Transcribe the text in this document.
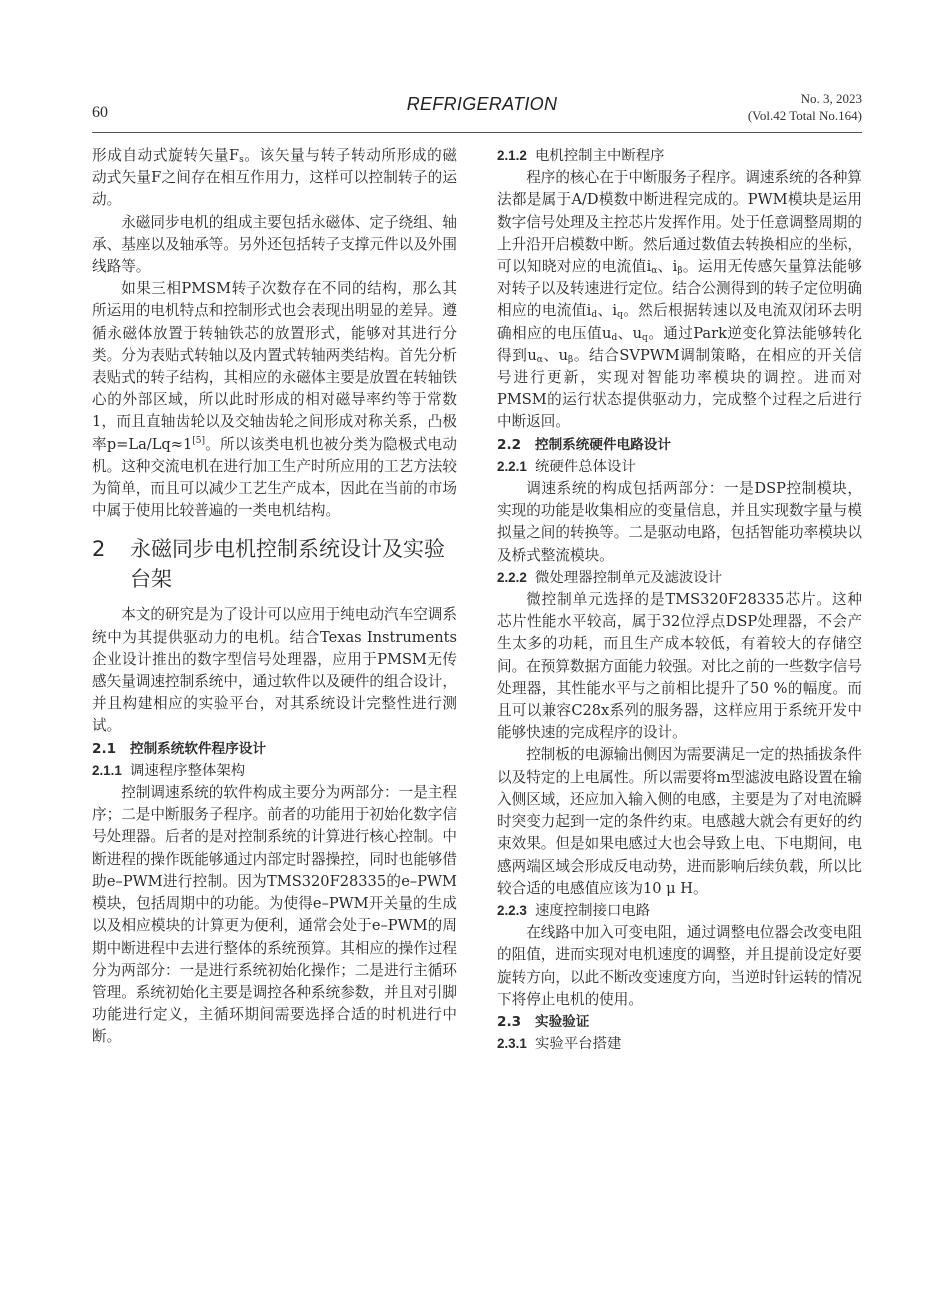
60	REFRIGERATION	No. 3, 2023
(Vol.42 Total No.164)

形成自动式旋转矢量$F_s$。该矢量与转子转动所形成的磁动式矢量F之间存在相互作用力，这样可以控制转子的运动。

永磁同步电机的组成主要包括永磁体、定子绕组、轴承、基座以及轴承等。另外还包括转子支撑元件以及外围线路等。

如果三相PMSM转子次数存在不同的结构，那么其所运用的电机特点和控制形式也会表现出明显的差异。遵循永磁体放置于转轴铁芯的放置形式，能够对其进行分类。分为表贴式转轴以及内置式转轴两类结构。首先分析表贴式的转子结构，其相应的永磁体主要是放置在转轴铁心的外部区域，所以此时形成的相对磁导率约等于常数1，而且直轴齿轮以及交轴齿轮之间形成对称关系，凸极率p=La/Lq≈1[5]。所以该类电机也被分类为隐极式电动机。这种交流电机在进行加工生产时所应用的工艺方法较为简单，而且可以减少工艺生产成本，因此在当前的市场中属于使用比较普遍的一类电机结构。

2	永磁同步电机控制系统设计及实验台架

本文的研究是为了设计可以应用于纯电动汽车空调系统中为其提供驱动力的电机。结合Texas Instruments企业设计推出的数字型信号处理器，应用于PMSM无传感矢量调速控制系统中，通过软件以及硬件的组合设计，并且构建相应的实验平台，对其系统设计完整性进行测试。

2.1 控制系统软件程序设计
2.1.1 调速程序整体架构

控制调速系统的软件构成主要分为两部分：一是主程序；二是中断服务子程序。前者的功能用于初始化数字信号处理器。后者的是对控制系统的计算进行核心控制。中断进程的操作既能够通过内部定时器操控，同时也能够借助e–PWM进行控制。因为TMS320F28335的e–PWM模块，包括周期中的功能。为使得e–PWM开关量的生成以及相应模块的计算更为便利，通常会处于e–PWM的周期中断进程中去进行整体的系统预算。其相应的操作过程分为两部分：一是进行系统初始化操作；二是进行主循环管理。系统初始化主要是调控各种系统参数，并且对引脚功能进行定义，主循环期间需要选择合适的时机进行中断。

2.1.2 电机控制主中断程序

程序的核心在于中断服务子程序。调速系统的各种算法都是属于A/D模数中断进程完成的。PWM模块是运用数字信号处理及主控芯片发挥作用。处于任意调整周期的上升沿开启模数中断。然后通过数值去转换相应的坐标，可以知晓对应的电流值$i_\alpha$、$i_\beta$。运用无传感矢量算法能够对转子以及转速进行定位。结合公测得到的转子定位明确相应的电流值$i_d$、$i_q$。然后根据转速以及电流双闭环去明确相应的电压值$u_d$、$u_q$。通过Park逆变化算法能够转化得到$u_\alpha$、$u_\beta$。结合SVPWM调制策略，在相应的开关信号进行更新，实现对智能功率模块的调控。进而对PMSM的运行状态提供驱动力，完成整个过程之后进行中断返回。

2.2 控制系统硬件电路设计
2.2.1 统硬件总体设计

调速系统的构成包括两部分：一是DSP控制模块，实现的功能是收集相应的变量信息，并且实现数字量与模拟量之间的转换等。二是驱动电路，包括智能功率模块以及桥式整流模块。

2.2.2 微处理器控制单元及滤波设计

微控制单元选择的是TMS320F28335芯片。这种芯片性能水平较高，属于32位浮点DSP处理器，不会产生太多的功耗，而且生产成本较低，有着较大的存储空间。在预算数据方面能力较强。对比之前的一些数字信号处理器，其性能水平与之前相比提升了50 %的幅度。而且可以兼容C28x系列的服务器，这样应用于系统开发中能够快速的完成程序的设计。

控制板的电源输出侧因为需要满足一定的热插拔条件以及特定的上电属性。所以需要将m型滤波电路设置在输入侧区域，还应加入输入侧的电感，主要是为了对电流瞬时突变力起到一定的条件约束。电感越大就会有更好的约束效果。但是如果电感过大也会导致上电、下电期间，电感两端区域会形成反电动势，进而影响后续负载，所以比较合适的电感值应该为10 μ H。

2.2.3 速度控制接口电路

在线路中加入可变电阻，通过调整电位器会改变电阻的阻值，进而实现对电机速度的调整，并且提前设定好要旋转方向，以此不断改变速度方向，当逆时针运转的情况下将停止电机的使用。

2.3 实验验证
2.3.1 实验平台搭建
